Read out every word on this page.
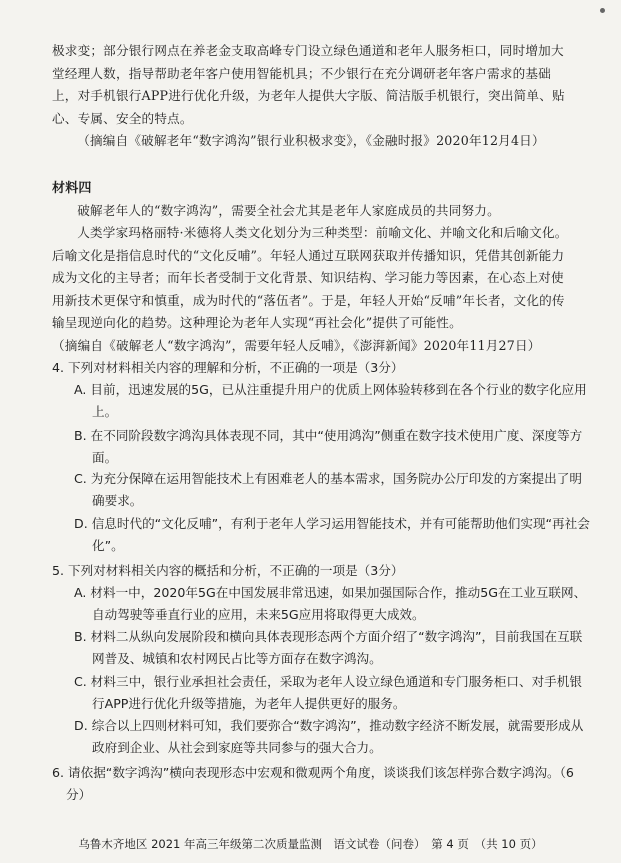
极求变；部分银行网点在养老金支取高峰专门设立绿色通道和老年人服务柜口，同时增加大堂经理人数，指导帮助老年客户使用智能机具；不少银行在充分调研老年客户需求的基础上，对手机银行APP进行优化升级，为老年人提供大字版、简洁版手机银行，突出简单、贴心、专属、安全的特点。

（摘编自《破解老年“数字鸿沟”银行业积极求变》，《金融时报》2020年12月4日）

材料四

破解老年人的“数字鸿沟”，需要全社会尤其是老年人家庭成员的共同努力。

人类学家玛格丽特·米德将人类文化划分为三种类型：前喻文化、并喻文化和后喻文化。后喻文化是指信息时代的“文化反哺”。年轻人通过互联网获取并传播知识，凭借其创新能力成为文化的主导者；而年长者受制于文化背景、知识结构、学习能力等因素，在心态上对使用新技术更保守和慎重，成为时代的“落伍者”。于是，年轻人开始“反哺”年长者，文化的传输呈现逆向化的趋势。这种理论为老年人实现“再社会化”提供了可能性。

（摘编自《破解老人“数字鸿沟”，需要年轻人反哺》，《澎湃新闻》2020年11月27日）

4. 下列对材料相关内容的理解和分析，不正确的一项是（3分）

A. 目前，迅速发展的5G，已从注重提升用户的优质上网体验转移到在各个行业的数字化应用上。

B. 在不同阶段数字鸿沟具体表现不同，其中“使用鸿沟”侧重在数字技术使用广度、深度等方面。

C. 为充分保障在运用智能技术上有困难老人的基本需求，国务院办公厅印发的方案提出了明确要求。

D. 信息时代的“文化反哺”，有利于老年人学习运用智能技术，并有可能帮助他们实现“再社会化”。

5. 下列对材料相关内容的概括和分析，不正确的一项是（3分）

A. 材料一中，2020年5G在中国发展非常迅速，如果加强国际合作，推动5G在工业互联网、自动驾驶等垂直行业的应用，未来5G应用将取得更大成效。

B. 材料二从纵向发展阶段和横向具体表现形态两个方面介绍了“数字鸿沟”，目前我国在互联网普及、城镇和农村网民占比等方面存在数字鸿沟。

C. 材料三中，银行业承担社会责任，采取为老年人设立绿色通道和专门服务柜口、对手机银行APP进行优化升级等措施，为老年人提供更好的服务。

D. 综合以上四则材料可知，我们要弥合“数字鸿沟”，推动数字经济不断发展，就需要形成从政府到企业、从社会到家庭等共同参与的强大合力。

6. 请依据“数字鸿沟”横向表现形态中宏观和微观两个角度，谈谈我们该怎样弥合数字鸿沟。（6分）

乌鲁木齐地区 2021 年高三年级第二次质量监测　语文试卷（问卷）　第 4 页　（共 10 页）
